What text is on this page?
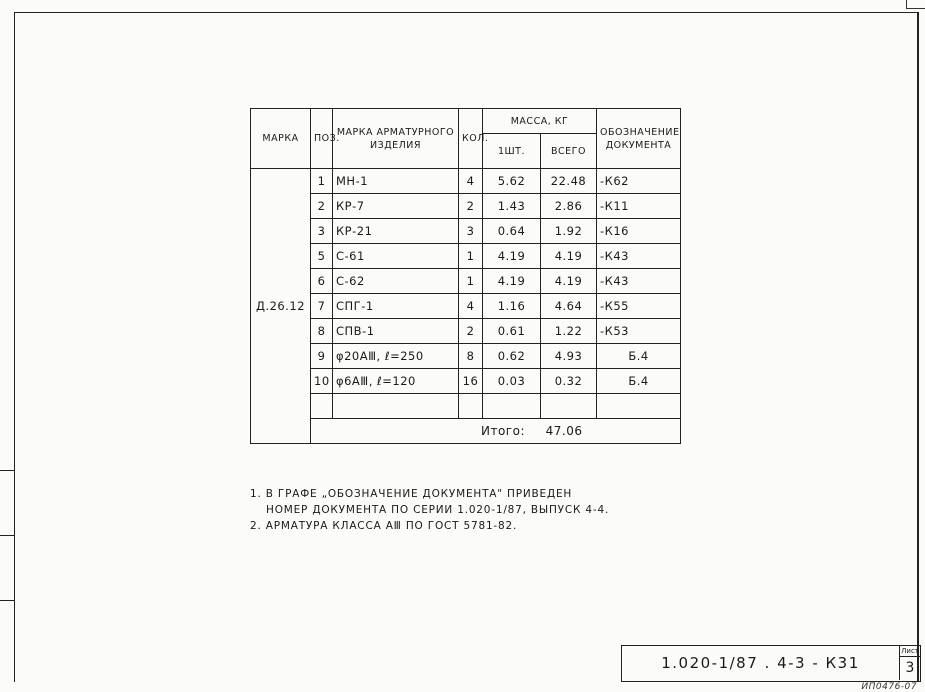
МАРКА	ПОЗ.	МАРКА АРМАТУРНОГО ИЗДЕЛИЯ	КОЛ.	МАССА, КГ		ОБОЗНАЧЕНИЕ ДОКУМЕНТА
				1ШТ.	ВСЕГО	
Д.26.12	1	МН-1	4	5.62	22.48	-К62
	2	КР-7	2	1.43	2.86	-К11
	3	КР-21	3	0.64	1.92	-К16
	5	С-61	1	4.19	4.19	-К43
	6	С-62	1	4.19	4.19	-К43
	7	СПГ-1	4	1.16	4.64	-К55
	8	СПВ-1	2	0.61	1.22	-К53
	9	φ20АⅢ, ℓ=250	8	0.62	4.93	Б.4
	10	φ6АⅢ, ℓ=120	16	0.03	0.32	Б.4

	Итого: 47.06					
1. В ГРАФЕ „ОБОЗНАЧЕНИЕ ДОКУМЕНТА" ПРИВЕДЕН
НОМЕР ДОКУМЕНТА ПО СЕРИИ 1.020-1/87, ВЫПУСК 4-4.
2. АРМАТУРА КЛАССА АⅢ ПО ГОСТ 5781-82.
1.020-1/87 . 4-3 - К31
Лист
3
ИП0476-07
